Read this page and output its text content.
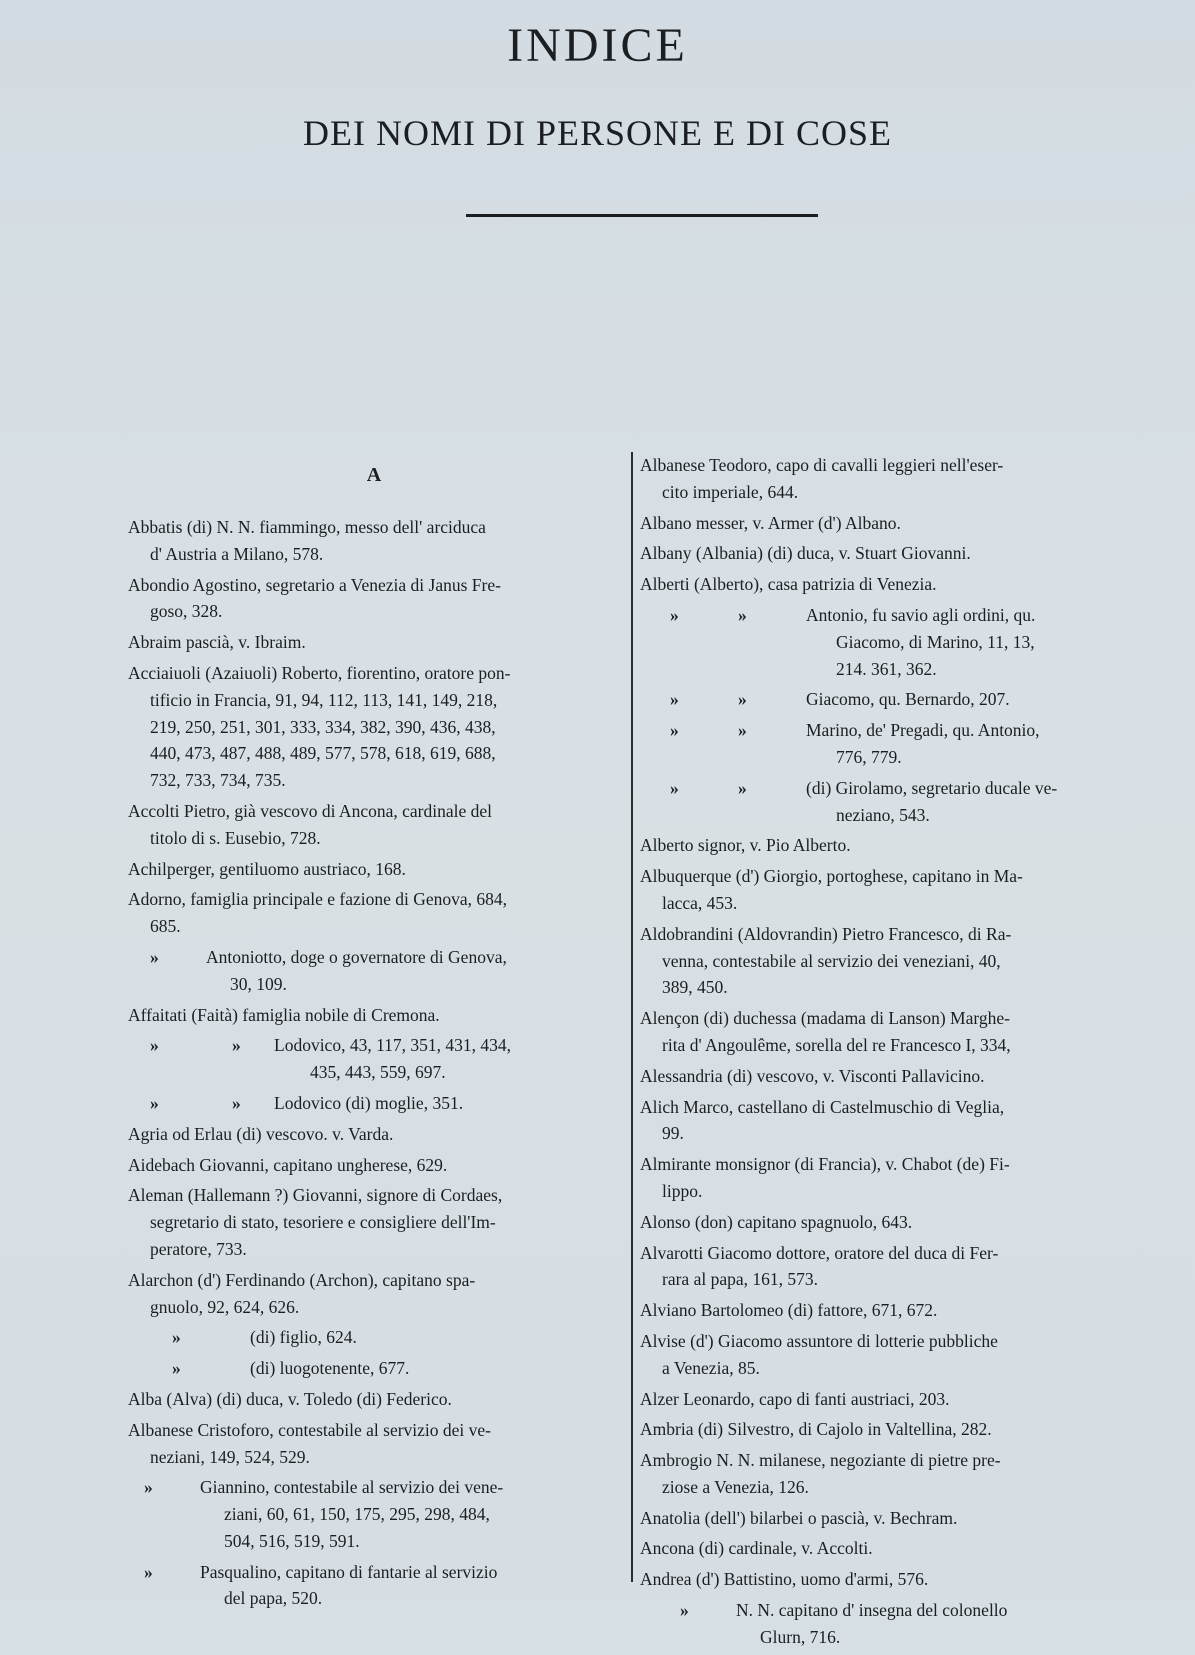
INDICE
DEI NOMI DI PERSONE E DI COSE
A
Abbatis (di) N. N. fiammingo, messo dell' arciduca
d' Austria a Milano, 578.
Abondio Agostino, segretario a Venezia di Janus Fre-
goso, 328.
Abraim pascià, v. Ibraim.
Acciaiuoli (Azaiuoli) Roberto, fiorentino, oratore pon-
tificio in Francia, 91, 94, 112, 113, 141, 149, 218,
219, 250, 251, 301, 333, 334, 382, 390, 436, 438,
440, 473, 487, 488, 489, 577, 578, 618, 619, 688,
732, 733, 734, 735.
Accolti Pietro, già vescovo di Ancona, cardinale del
titolo di s. Eusebio, 728.
Achilperger, gentiluomo austriaco, 168.
Adorno, famiglia principale e fazione di Genova, 684,
685.
»	Antoniotto, doge o governatore di Genova,
30, 109.
Affaitati (Faità) famiglia nobile di Cremona.
»	»	Lodovico, 43, 117, 351, 431, 434,
435, 443, 559, 697.
»	»	Lodovico (di) moglie, 351.
Agria od Erlau (di) vescovo. v. Varda.
Aidebach Giovanni, capitano ungherese, 629.
Aleman (Hallemann ?) Giovanni, signore di Cordaes,
segretario di stato, tesoriere e consigliere dell'Im-
peratore, 733.
Alarchon (d') Ferdinando (Archon), capitano spa-
gnuolo, 92, 624, 626.
»	(di) figlio, 624.
»	(di) luogotenente, 677.
Alba (Alva) (di) duca, v. Toledo (di) Federico.
Albanese Cristoforo, contestabile al servizio dei ve-
neziani, 149, 524, 529.
»	Giannino, contestabile al servizio dei vene-
ziani, 60, 61, 150, 175, 295, 298, 484,
504, 516, 519, 591.
»	Pasqualino, capitano di fantarie al servizio
del papa, 520.
Albanese Teodoro, capo di cavalli leggieri nell'eser-
cito imperiale, 644.
Albano messer, v. Armer (d') Albano.
Albany (Albania) (di) duca, v. Stuart Giovanni.
Alberti (Alberto), casa patrizia di Venezia.
»	»	Antonio, fu savio agli ordini, qu.
Giacomo, di Marino, 11, 13,
214. 361, 362.
»	»	Giacomo, qu. Bernardo, 207.
»	»	Marino, de' Pregadi, qu. Antonio,
776, 779.
»	»	(di) Girolamo, segretario ducale ve-
neziano, 543.
Alberto signor, v. Pio Alberto.
Albuquerque (d') Giorgio, portoghese, capitano in Ma-
lacca, 453.
Aldobrandini (Aldovrandin) Pietro Francesco, di Ra-
venna, contestabile al servizio dei veneziani, 40,
389, 450.
Alençon (di) duchessa (madama di Lanson) Marghe-
rita d' Angoulême, sorella del re Francesco I, 334,
Alessandria (di) vescovo, v. Visconti Pallavicino.
Alich Marco, castellano di Castelmuschio di Veglia,
99.
Almirante monsignor (di Francia), v. Chabot (de) Fi-
lippo.
Alonso (don) capitano spagnuolo, 643.
Alvarotti Giacomo dottore, oratore del duca di Fer-
rara al papa, 161, 573.
Alviano Bartolomeo (di) fattore, 671, 672.
Alvise (d') Giacomo assuntore di lotterie pubbliche
a Venezia, 85.
Alzer Leonardo, capo di fanti austriaci, 203.
Ambria (di) Silvestro, di Cajolo in Valtellina, 282.
Ambrogio N. N. milanese, negoziante di pietre pre-
ziose a Venezia, 126.
Anatolia (dell') bilarbei o pascià, v. Bechram.
Ancona (di) cardinale, v. Accolti.
Andrea (d') Battistino, uomo d'armi, 576.
»	N. N. capitano d' insegna del colonello
Glurn, 716.
